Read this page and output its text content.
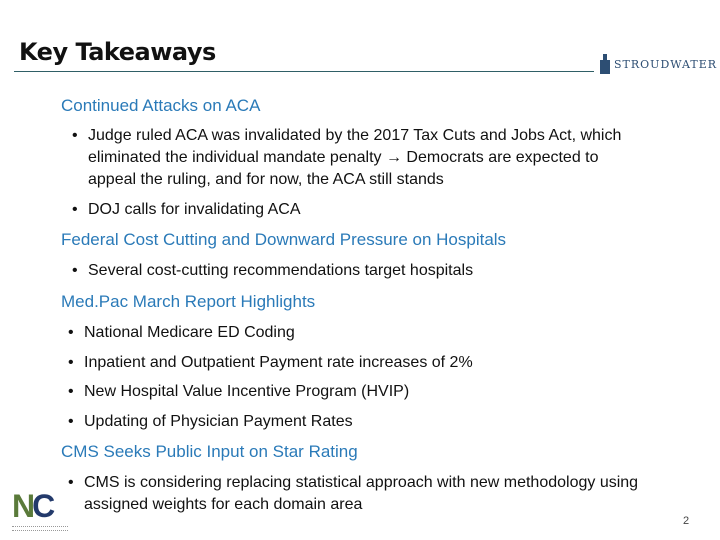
Key Takeaways	STROUDWATER
Continued Attacks on ACA
• Judge ruled ACA was invalidated by the 2017 Tax Cuts and Jobs Act, which eliminated the individual mandate penalty → Democrats are expected to appeal the ruling, and for now, the ACA still stands
• DOJ calls for invalidating ACA
Federal Cost Cutting and Downward Pressure on Hospitals
• Several cost-cutting recommendations target hospitals
Med.Pac March Report Highlights
• National Medicare ED Coding
• Inpatient and Outpatient Payment rate increases of 2%
• New Hospital Value Incentive Program (HVIP)
• Updating of Physician Payment Rates
CMS Seeks Public Input on Star Rating
• CMS is considering replacing statistical approach with new methodology using assigned weights for each domain area
NC	2
